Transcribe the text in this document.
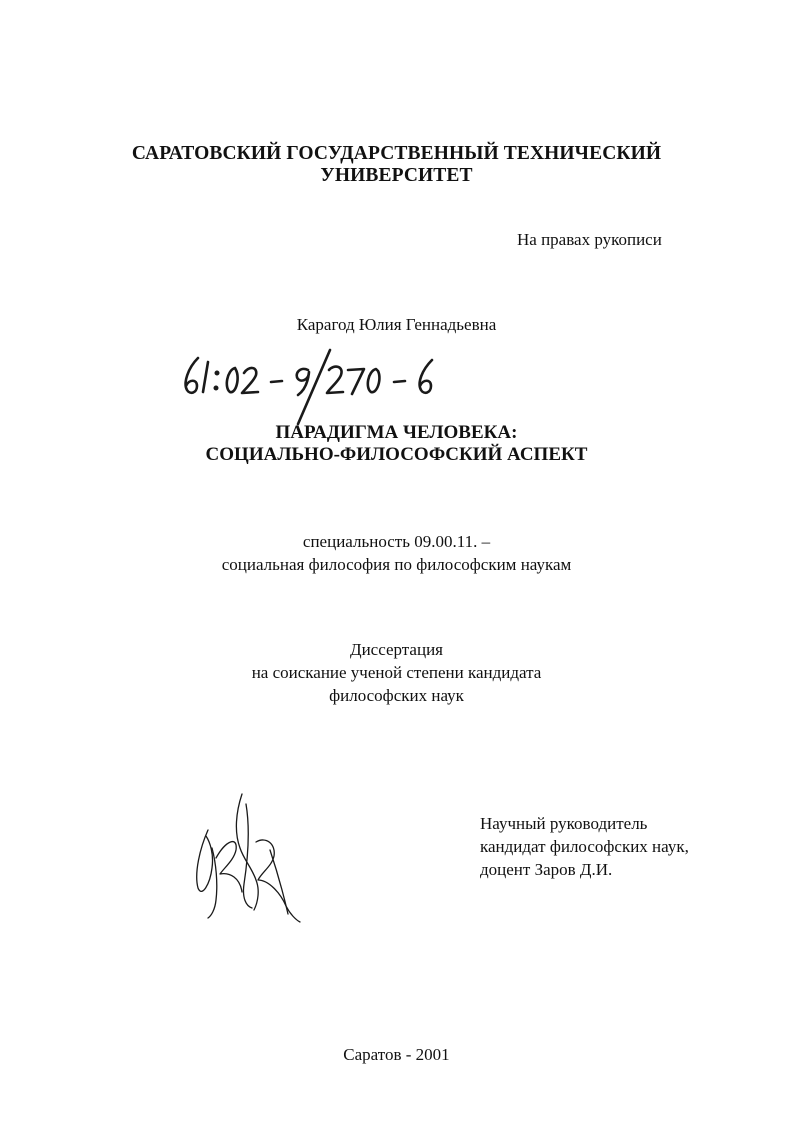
САРАТОВСКИЙ ГОСУДАРСТВЕННЫЙ ТЕХНИЧЕСКИЙ
УНИВЕРСИТЕТ
На правах рукописи
Карагод Юлия Геннадьевна
ПАРАДИГМА ЧЕЛОВЕКА:
СОЦИАЛЬНО-ФИЛОСОФСКИЙ АСПЕКТ
специальность 09.00.11. –
социальная философия по философским наукам
Диссертация
на соискание ученой степени кандидата
философских наук
Научный руководитель
кандидат философских наук,
доцент Заров Д.И.
Саратов - 2001
